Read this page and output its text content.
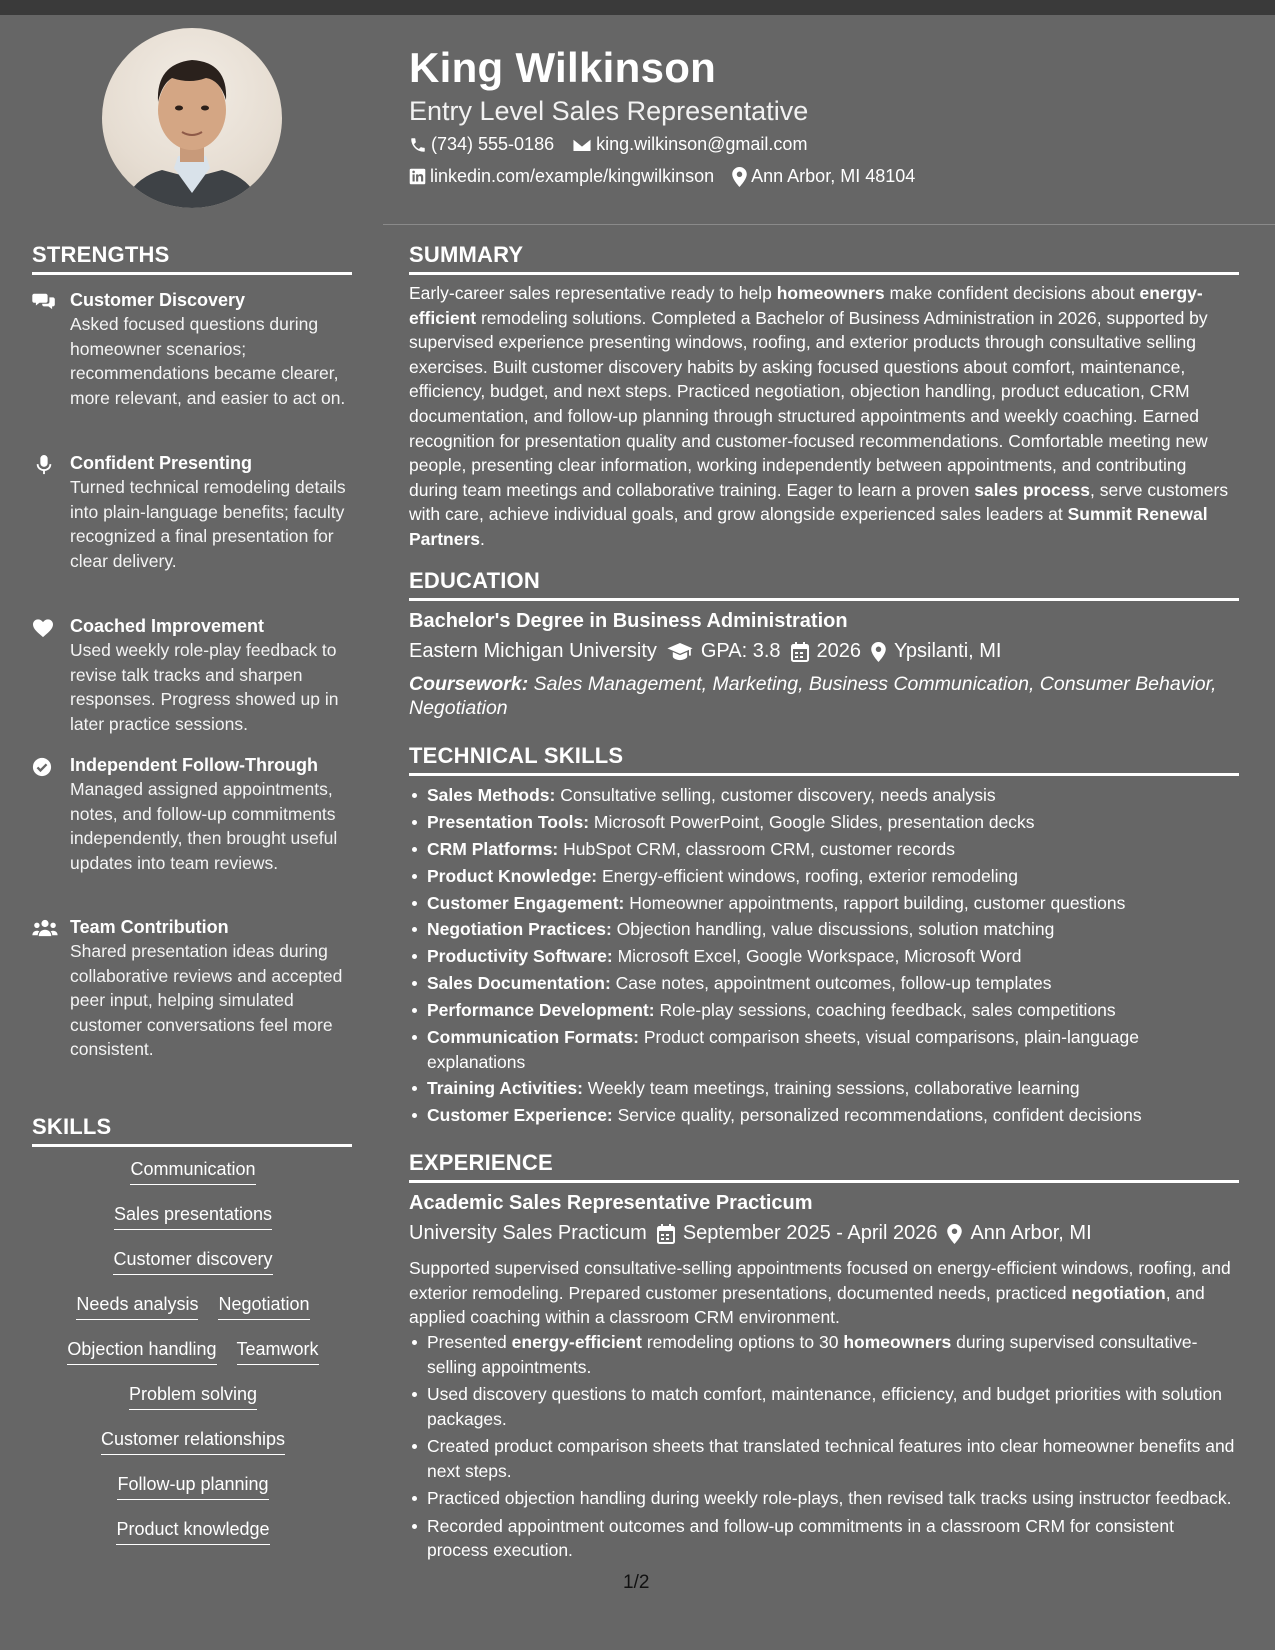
King Wilkinson
Entry Level Sales Representative
(734) 555-0186 king.wilkinson@gmail.com
linkedin.com/example/kingwilkinson Ann Arbor, MI 48104
STRENGTHS
Customer Discovery
Asked focused questions during homeowner scenarios; recommendations became clearer, more relevant, and easier to act on.
Confident Presenting
Turned technical remodeling details into plain-language benefits; faculty recognized a final presentation for clear delivery.
Coached Improvement
Used weekly role-play feedback to revise talk tracks and sharpen responses. Progress showed up in later practice sessions.
Independent Follow-Through
Managed assigned appointments, notes, and follow-up commitments independently, then brought useful updates into team reviews.
Team Contribution
Shared presentation ideas during collaborative reviews and accepted peer input, helping simulated customer conversations feel more consistent.
SKILLS
Communication
Sales presentations
Customer discovery
Needs analysis Negotiation
Objection handling Teamwork
Problem solving
Customer relationships
Follow-up planning
Product knowledge
SUMMARY
Early-career sales representative ready to help homeowners make confident decisions about energy-efficient remodeling solutions. Completed a Bachelor of Business Administration in 2026, supported by supervised experience presenting windows, roofing, and exterior products through consultative selling exercises. Built customer discovery habits by asking focused questions about comfort, maintenance, efficiency, budget, and next steps. Practiced negotiation, objection handling, product education, CRM documentation, and follow-up planning through structured appointments and weekly coaching. Earned recognition for presentation quality and customer-focused recommendations. Comfortable meeting new people, presenting clear information, working independently between appointments, and contributing during team meetings and collaborative training. Eager to learn a proven sales process, serve customers with care, achieve individual goals, and grow alongside experienced sales leaders at Summit Renewal Partners.
EDUCATION
Bachelor's Degree in Business Administration
Eastern Michigan University GPA: 3.8 2026 Ypsilanti, MI
Coursework: Sales Management, Marketing, Business Communication, Consumer Behavior, Negotiation
TECHNICAL SKILLS
Sales Methods: Consultative selling, customer discovery, needs analysis
Presentation Tools: Microsoft PowerPoint, Google Slides, presentation decks
CRM Platforms: HubSpot CRM, classroom CRM, customer records
Product Knowledge: Energy-efficient windows, roofing, exterior remodeling
Customer Engagement: Homeowner appointments, rapport building, customer questions
Negotiation Practices: Objection handling, value discussions, solution matching
Productivity Software: Microsoft Excel, Google Workspace, Microsoft Word
Sales Documentation: Case notes, appointment outcomes, follow-up templates
Performance Development: Role-play sessions, coaching feedback, sales competitions
Communication Formats: Product comparison sheets, visual comparisons, plain-language explanations
Training Activities: Weekly team meetings, training sessions, collaborative learning
Customer Experience: Service quality, personalized recommendations, confident decisions
EXPERIENCE
Academic Sales Representative Practicum
University Sales Practicum September 2025 - April 2026 Ann Arbor, MI
Supported supervised consultative-selling appointments focused on energy-efficient windows, roofing, and exterior remodeling. Prepared customer presentations, documented needs, practiced negotiation, and applied coaching within a classroom CRM environment.
Presented energy-efficient remodeling options to 30 homeowners during supervised consultative-selling appointments.
Used discovery questions to match comfort, maintenance, efficiency, and budget priorities with solution packages.
Created product comparison sheets that translated technical features into clear homeowner benefits and next steps.
Practiced objection handling during weekly role-plays, then revised talk tracks using instructor feedback.
Recorded appointment outcomes and follow-up commitments in a classroom CRM for consistent process execution.
1/2
